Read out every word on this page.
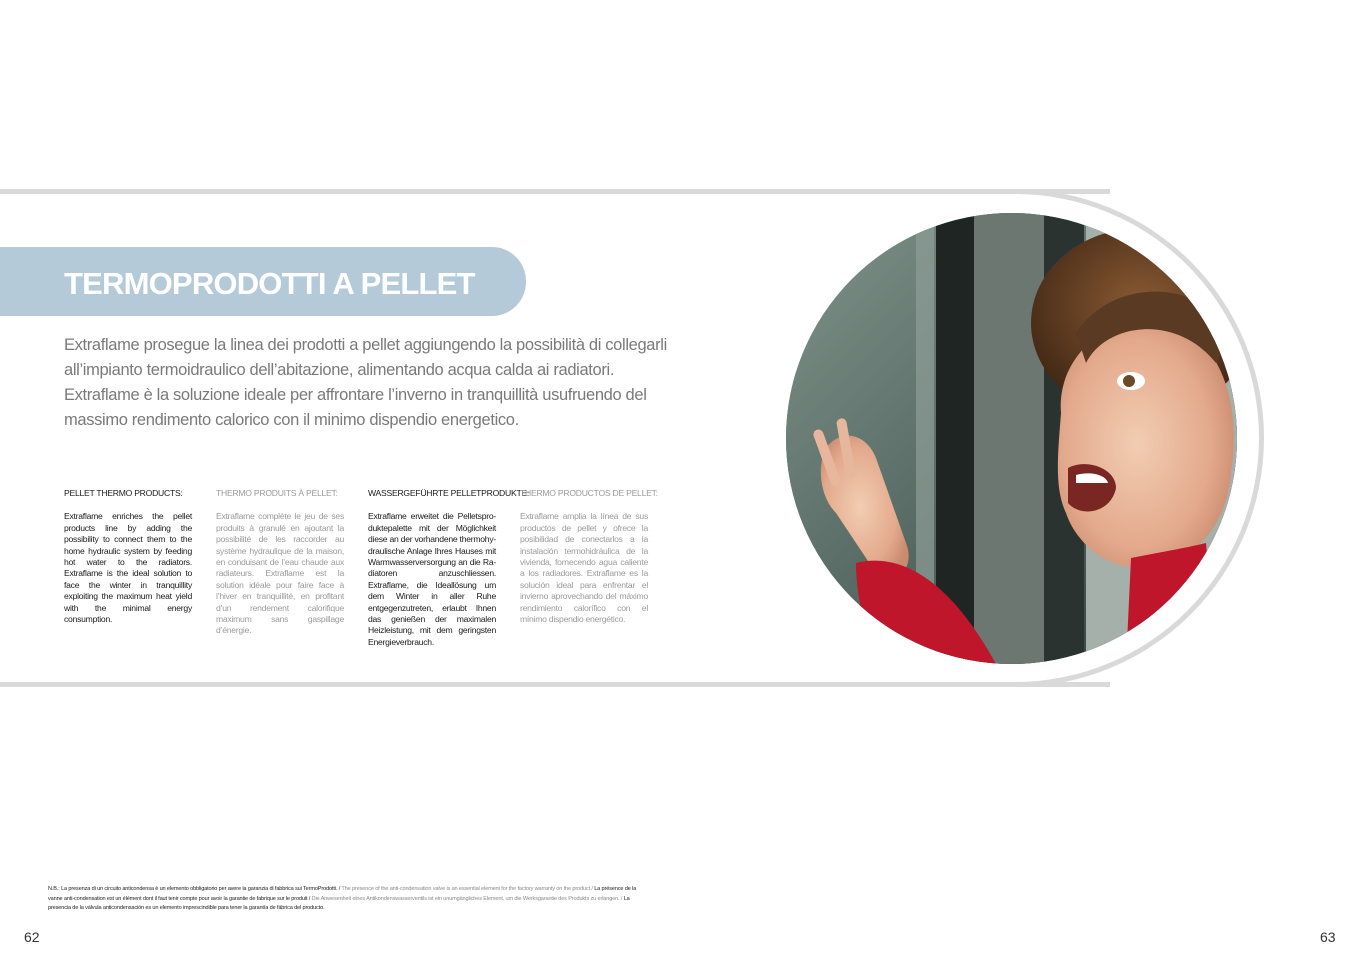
TERMOPRODOTTI A PELLET

Extraflame prosegue la linea dei prodotti a pellet aggiungendo la possibilità di collegarli

all’impianto termoidraulico dell’abitazione, alimentando acqua calda ai radiatori.

Extraflame è la soluzione ideale per affrontare l’inverno in tranquillità usufruendo del

massimo rendimento calorico con il minimo dispendio energetico.

PELLET THERMO PRODUCTS:

Extraflame enriches the pellet products line by adding the possibility to connect them to the home hydraulic system by feeding hot water to the radiators. Extraflame is the ideal solution to face the winter in tranquillity exploiting the maximum heat yield with the minimal energy consumption.

THERMO PRODUITS À PELLET:

Extraflame complète le jeu de ses produits à granulé en ajoutant la possibilité de les raccorder au système hydraulique de la maison, en conduisant de l’eau chaude aux radiateurs. Extraflame est la solution idéale pour faire face à l’hiver en tranquillité, en profitant d’un rendement calorifique maximum sans gaspillage d’énergie.

WASSERGEFÜHRTE PELLETPRODUKTE:

Extraflame erweitet die Pelletspro-duktepalette mit der Möglichkeit diese an der vorhandene thermohy-draulische Anlage Ihres Hauses mit Warmwasserversorgung an die Ra-diatoren anzuschliessen. Extraflame, die Ideallösung um dem Winter in aller Ruhe entgegenzutreten, erlaubt Ihnen das genießen der maximalen Heizleistung, mit dem geringsten Energieverbrauch.

THERMO PRODUCTOS DE PELLET:

Extraflame amplia la línea de sus productos de pellet y ofrece la posibilidad de conectarlos a la instalación termohidráulica de la vivienda, fornecendo agua caliente a los radiadores. Extraflame es la solución ideal para enfrentar el invierno aprovechando del máximo rendimiento calorífico con el mínimo dispendio energético.

N.B.: La presenza di un circuito anticondensa è un elemento obbligatorio per avere la garanzia di fabbrica sui TermoProdotti. / The presence of the anti-condensation valve is an essential element for the factory warranty on the product / La présence de la vanne anti-condensation est un élément dont il faut tenir compte pour avoir la garantie de fabrique sur le produit / Die Anwesenheit eines Antikondenswasserventils ist ein unumgängliches Element, um die Werksgarantie des Produkts zu erlangen. / La presencia de la válvula anticondensación es un elemento imprescindible para tener la garantía de fábrica del producto.

62	63
